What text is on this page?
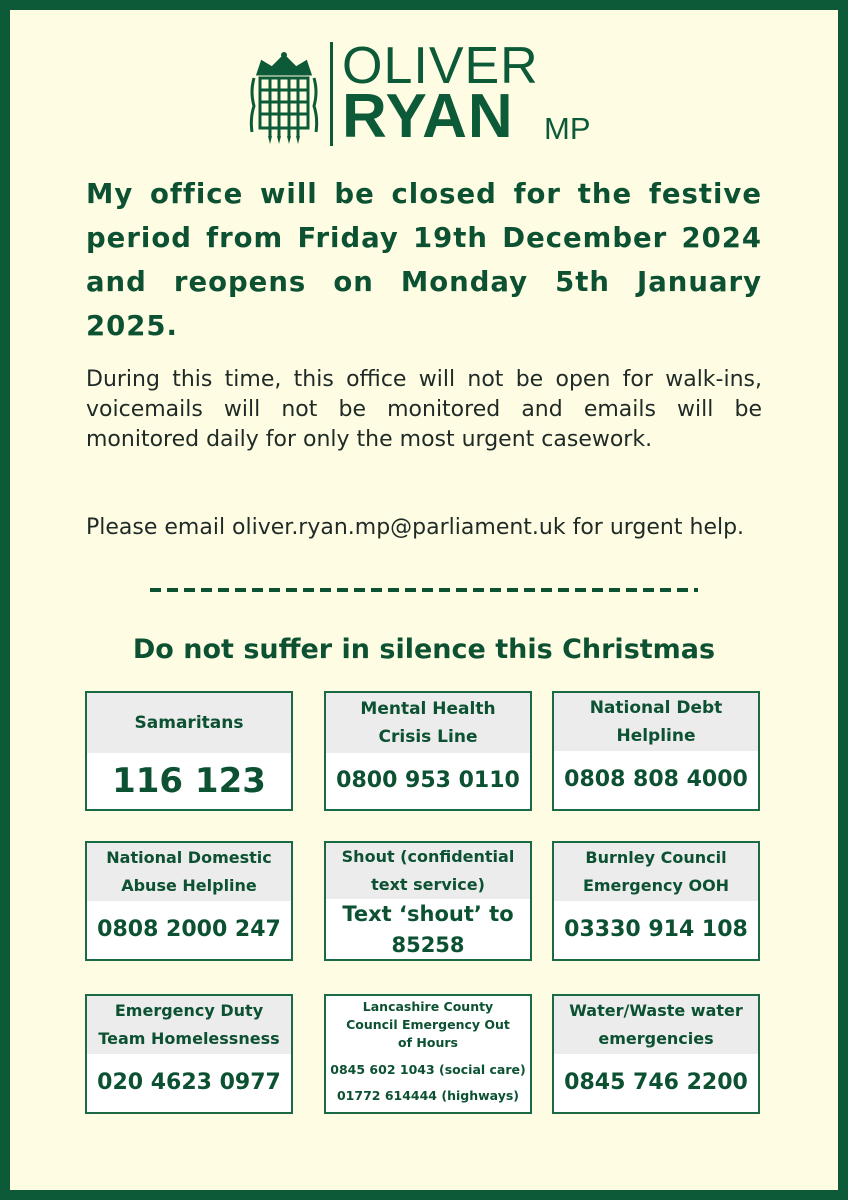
OLIVER
RYAN MP

My office will be closed for the festive period from Friday 19th December 2024 and reopens on Monday 5th January 2025.

During this time, this office will not be open for walk-ins, voicemails will not be monitored and emails will be monitored daily for only the most urgent casework.

Please email oliver.ryan.mp@parliament.uk for urgent help.

Do not suffer in silence this Christmas
Samaritans
116 123
Mental Health Crisis Line
0800 953 0110
National Debt Helpline
0808 808 4000
National Domestic Abuse Helpline
0808 2000 247
Shout (confidential text service)
Text ‘shout’ to 85258
Burnley Council Emergency OOH
03330 914 108
Emergency Duty Team Homelessness
020 4623 0977
Lancashire County Council Emergency Out of Hours
0845 602 1043 (social care)
01772 614444 (highways)
Water/Waste water emergencies
0845 746 2200
